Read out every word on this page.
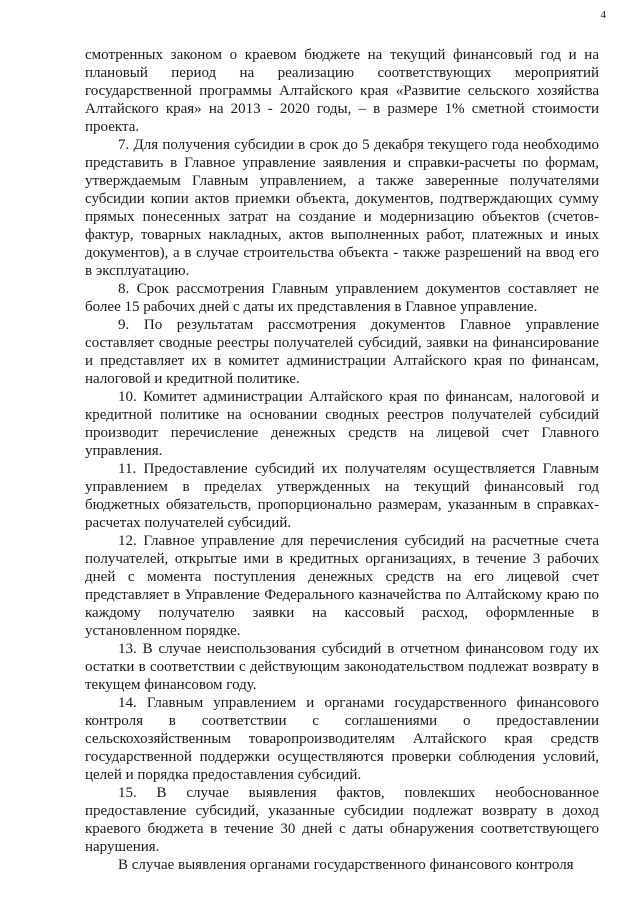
4

смотренных законом о краевом бюджете на текущий финансовый год и на плановый период на реализацию соответствующих мероприятий государственной программы Алтайского края «Развитие сельского хозяйства Алтайского края» на 2013 - 2020 годы, – в размере 1% сметной стоимости проекта.

7. Для получения субсидии в срок до 5 декабря текущего года необходимо представить в Главное управление заявления и справки-расчеты по формам, утверждаемым Главным управлением, а также заверенные получателями субсидии копии актов приемки объекта, документов, подтверждающих сумму прямых понесенных затрат на создание и модернизацию объектов (счетов-фактур, товарных накладных, актов выполненных работ, платежных и иных документов), а в случае строительства объекта - также разрешений на ввод его в эксплуатацию.

8. Срок рассмотрения Главным управлением документов составляет не более 15 рабочих дней с даты их представления в Главное управление.

9. По результатам рассмотрения документов Главное управление составляет сводные реестры получателей субсидий, заявки на финансирование и представляет их в комитет администрации Алтайского края по финансам, налоговой и кредитной политике.

10. Комитет администрации Алтайского края по финансам, налоговой и кредитной политике на основании сводных реестров получателей субсидий производит перечисление денежных средств на лицевой счет Главного управления.

11. Предоставление субсидий их получателям осуществляется Главным управлением в пределах утвержденных на текущий финансовый год бюджетных обязательств, пропорционально размерам, указанным в справках-расчетах получателей субсидий.

12. Главное управление для перечисления субсидий на расчетные счета получателей, открытые ими в кредитных организациях, в течение 3 рабочих дней с момента поступления денежных средств на его лицевой счет представляет в Управление Федерального казначейства по Алтайскому краю по каждому получателю заявки на кассовый расход, оформленные в установленном порядке.

13. В случае неиспользования субсидий в отчетном финансовом году их остатки в соответствии с действующим законодательством подлежат возврату в текущем финансовом году.

14. Главным управлением и органами государственного финансового контроля в соответствии с соглашениями о предоставлении сельскохозяйственным товаропроизводителям Алтайского края средств государственной поддержки осуществляются проверки соблюдения условий, целей и порядка предоставления субсидий.

15. В случае выявления фактов, повлекших необоснованное предоставление субсидий, указанные субсидии подлежат возврату в доход краевого бюджета в течение 30 дней с даты обнаружения соответствующего нарушения.

В случае выявления органами государственного финансового контроля
